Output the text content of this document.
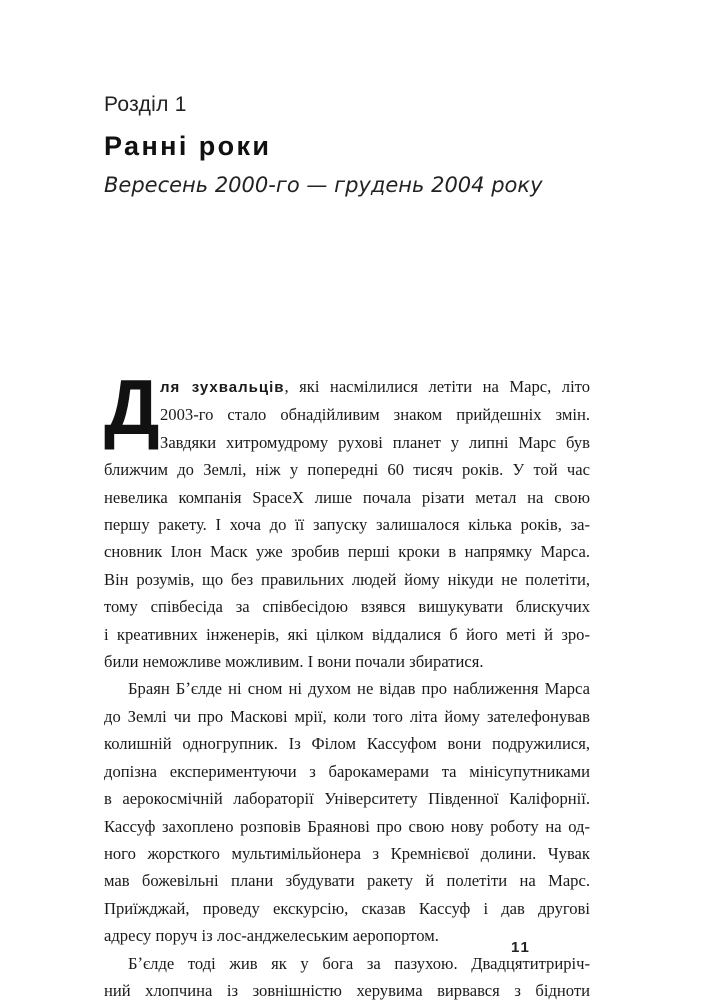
Розділ 1
Ранні роки
Вересень 2000-го — грудень 2004 року
Д ля зухвальців, які насмілилися летіти на Марс, літо
2003-го стало обнадійливим знаком прийдешніх змін.
Завдяки хитромудрому рухові планет у липні Марс був
ближчим до Землі, ніж у попередні 60 тисяч років. У той час
невелика компанія SpaceX лише почала різати метал на свою
першу ракету. І хоча до її запуску залишалося кілька років, за-
сновник Ілон Маск уже зробив перші кроки в напрямку Марса.
Він розумів, що без правильних людей йому нікуди не полетіти,
тому співбесіда за співбесідою взявся вишукувати блискучих
і креативних інженерів, які цілком віддалися б його меті й зро-
били неможливе можливим. І вони почали збиратися.
Браян Бʼєлде ні сном ні духом не відав про наближення Марса
до Землі чи про Маскові мрії, коли того літа йому зателефонував
колишній одногрупник. Із Філом Кассуфом вони подружилися,
допізна експериментуючи з барокамерами та мінісупутниками
в аерокосмічній лабораторії Університету Південної Каліфорнії.
Кассуф захоплено розповів Браянові про свою нову роботу на од-
ного жорсткого мультимільйонера з Кремнієвої долини. Чувак
мав божевільні плани збудувати ракету й полетіти на Марс.
Приїжджай, проведу екскурсію, сказав Кассуф і дав другові
адресу поруч із лос-анджелеським аеропортом.
Бʼєлде тоді жив як у бога за пазухою. Двадцятитриріч-
ний хлопчина із зовнішністю херувима вирвався з бідноти
11
